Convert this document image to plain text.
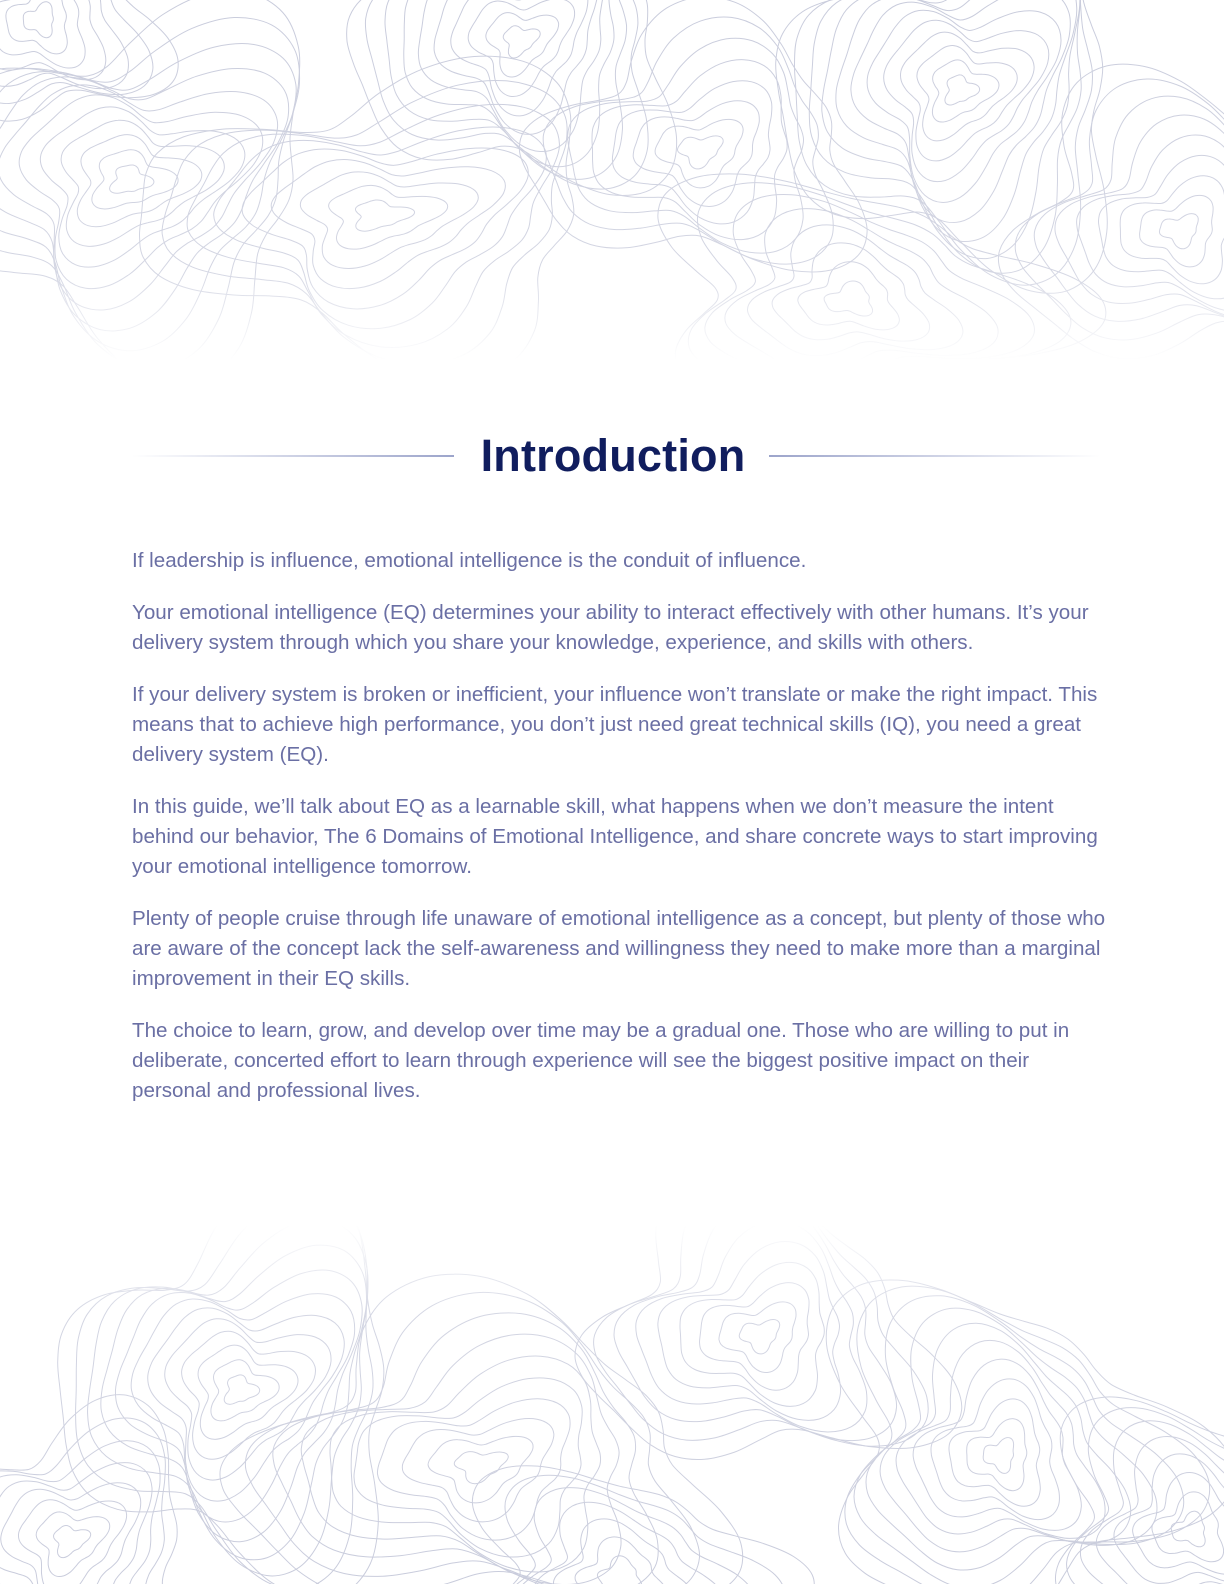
Introduction

If leadership is influence, emotional intelligence is the conduit of influence.

Your emotional intelligence (EQ) determines your ability to interact effectively with other humans. It’s your delivery system through which you share your knowledge, experience, and skills with others.

If your delivery system is broken or inefficient, your influence won’t translate or make the right impact. This means that to achieve high performance, you don’t just need great technical skills (IQ), you need a great delivery system (EQ).

In this guide, we’ll talk about EQ as a learnable skill, what happens when we don’t measure the intent behind our behavior, The 6 Domains of Emotional Intelligence, and share concrete ways to start improving your emotional intelligence tomorrow.

Plenty of people cruise through life unaware of emotional intelligence as a concept, but plenty of those who are aware of the concept lack the self-awareness and willingness they need to make more than a marginal improvement in their EQ skills.

The choice to learn, grow, and develop over time may be a gradual one. Those who are willing to put in deliberate, concerted effort to learn through experience will see the biggest positive impact on their personal and professional lives.
